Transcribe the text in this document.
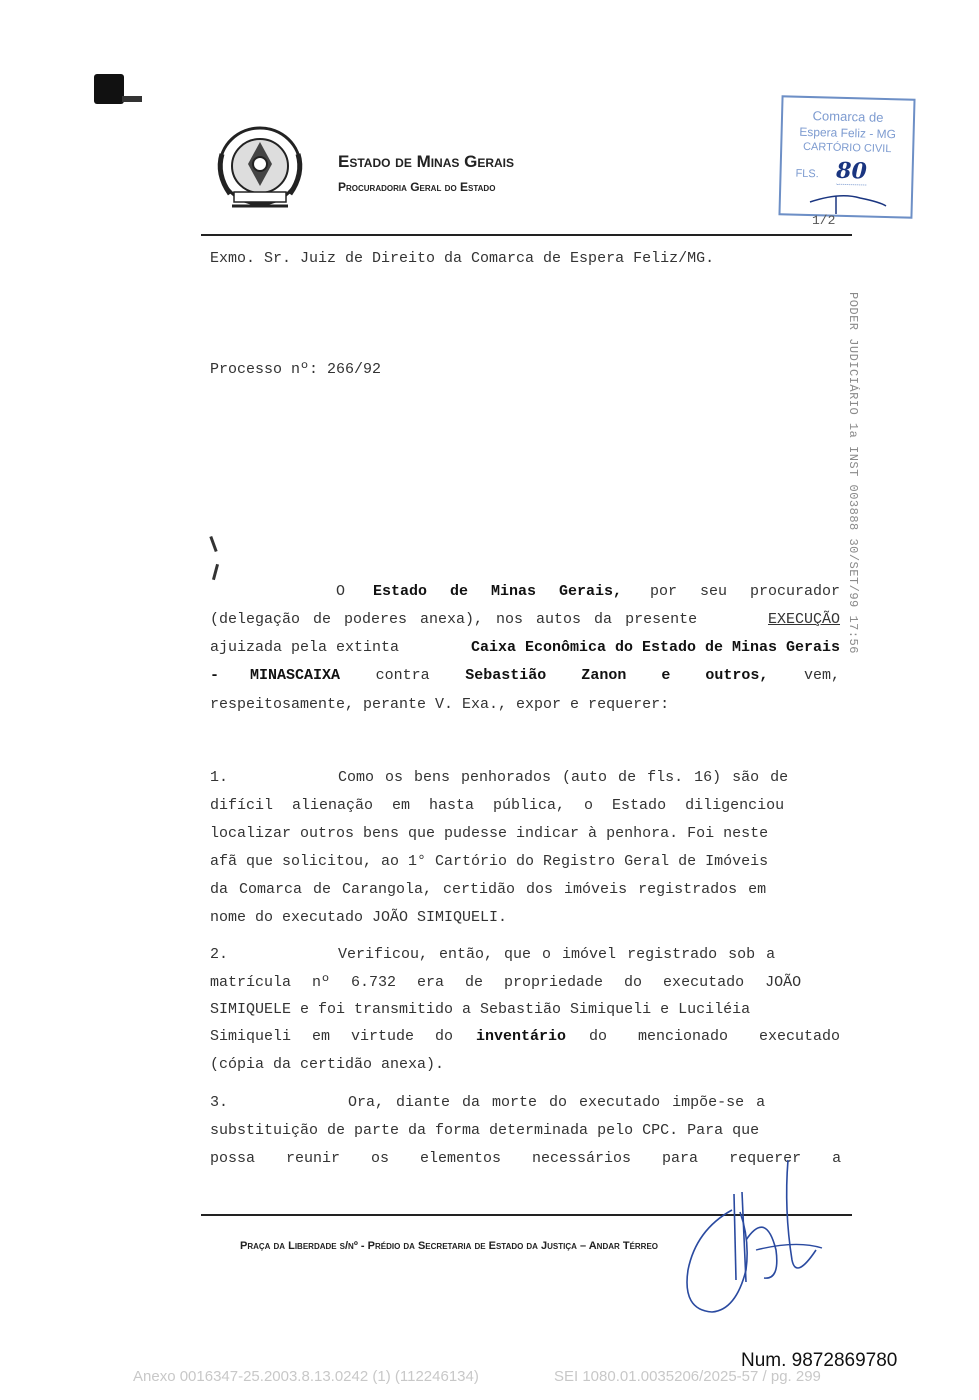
Estado de Minas Gerais
Procuradoria Geral do Estado
Comarca de
Espera Feliz - MG
CARTÓRIO CIVIL
FLS. 80
1/2
PODER JUDICIÁRIO 1a INST 003888 30/SET/99 17:56
Exmo. Sr. Juiz de Direito da Comarca de Espera Feliz/MG.
Processo nº: 266/92
O Estado de Minas Gerais, por seu procurador
(delegação de poderes anexa), nos autos da presente	EXECUÇÃO
ajuizada pela extinta	Caixa Econômica do Estado de Minas Gerais
- MINASCAIXA contra Sebastião Zanon e outros, vem,
respeitosamente, perante V. Exa., expor e requerer:
1.          Como os bens penhorados (auto de fls. 16) são de
difícil alienação em hasta pública, o Estado diligenciou
localizar outros bens que pudesse indicar à penhora. Foi neste
afã que solicitou, ao 1° Cartório do Registro Geral de Imóveis
da Comarca de Carangola, certidão dos imóveis registrados em
nome do executado JOÃO SIMIQUELI.
2.          Verificou, então, que o imóvel registrado sob a
matrícula nº 6.732 era de propriedade do executado JOÃO
SIMIQUELE e foi transmitido a Sebastião Simiqueli e Luciléia
Simiqueli em virtude do inventário do mencionado executado
(cópia da certidão anexa).
3.          Ora, diante da morte do executado impõe-se a
substituição de parte da forma determinada pelo CPC. Para que
possa reunir os elementos necessários para requerer a
Praça da Liberdade s/nº - Prédio da Secretaria de Estado da Justiça – Andar Térreo
Num. 9872869780
Anexo 0016347-25.2003.8.13.0242 (1) (112246134)	SEI 1080.01.0035206/2025-57 / pg. 299
